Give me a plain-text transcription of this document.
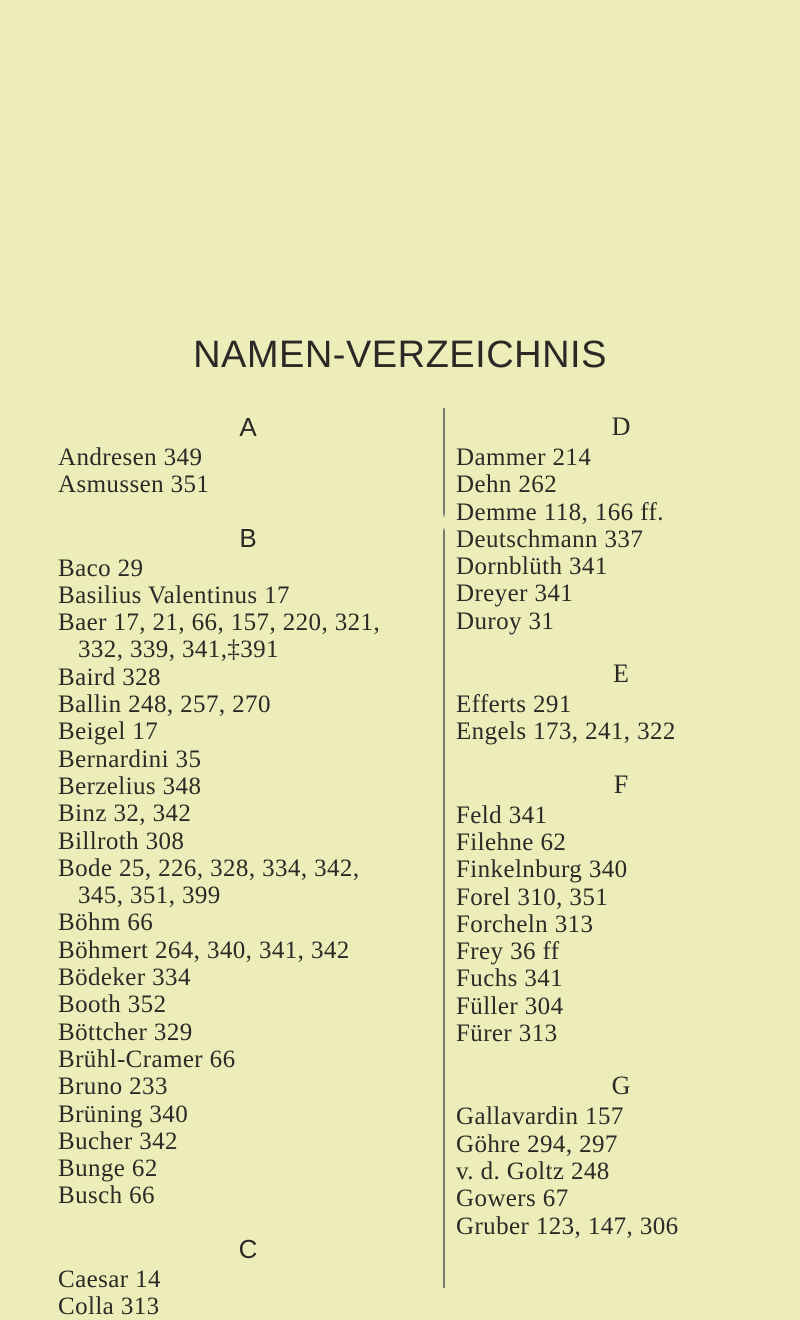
NAMEN-VERZEICHNIS
A
Andresen 349
Asmussen 351
B
Baco 29
Basilius Valentinus 17
Baer 17, 21, 66, 157, 220, 321,
332, 339, 341,‡391
Baird 328
Ballin 248, 257, 270
Beigel 17
Bernardini 35
Berzelius 348
Binz 32, 342
Billroth 308
Bode 25, 226, 328, 334, 342,
345, 351, 399
Böhm 66
Böhmert 264, 340, 341, 342
Bödeker 334
Booth 352
Böttcher 329
Brühl-Cramer 66
Bruno 233
Brüning 340
Bucher 342
Bunge 62
Busch 66
C
Caesar 14
Colla 313
D
Dammer 214
Dehn 262
Demme 118, 166 ff.
Deutschmann 337
Dornblüth 341
Dreyer 341
Duroy 31
E
Efferts 291
Engels 173, 241, 322
F
Feld 341
Filehne 62
Finkelnburg 340
Forel 310, 351
Forcheln 313
Frey 36 ff
Fuchs 341
Füller 304
Fürer 313
G
Gallavardin 157
Göhre 294, 297
v. d. Goltz 248
Gowers 67
Gruber 123, 147, 306
